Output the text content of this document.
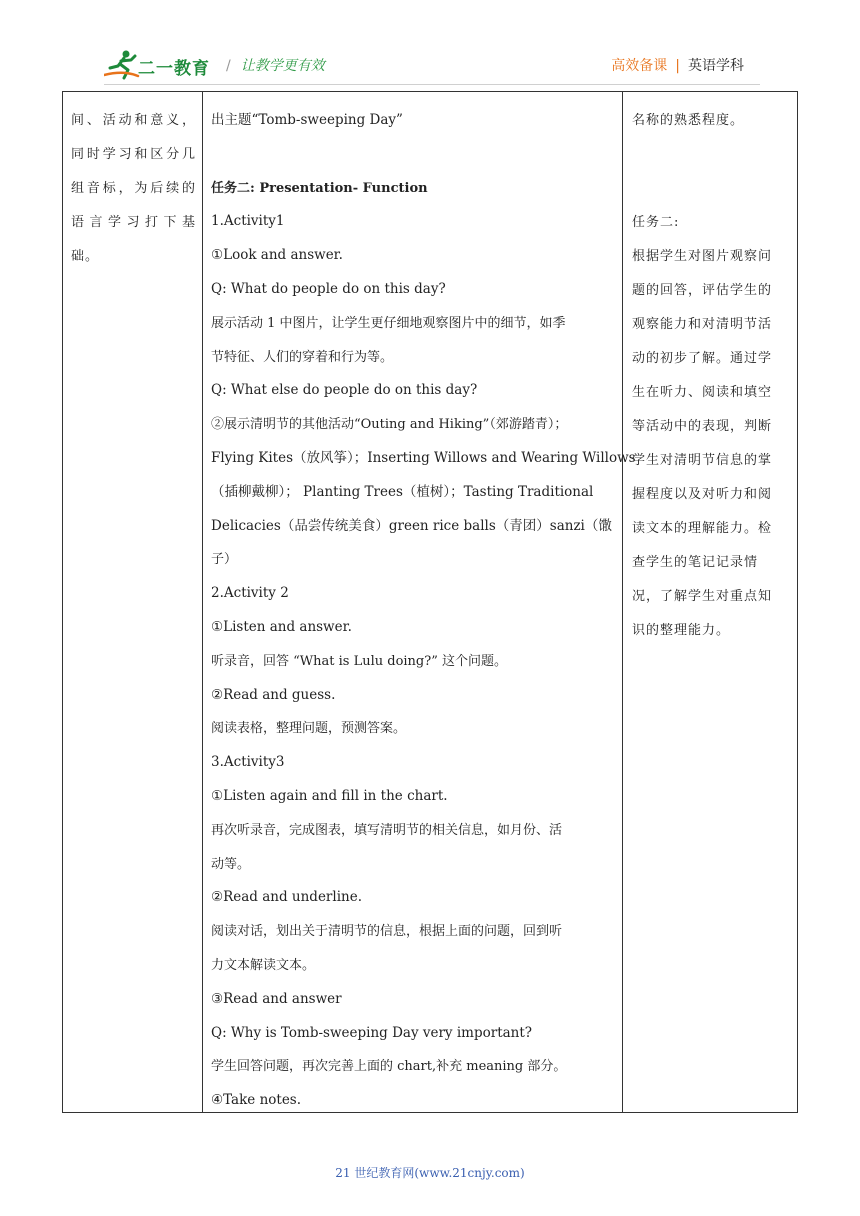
二一教育 / 让教学更有效	高效备课 | 英语学科

间、活动和意义，

同时学习和区分几

组音标，为后续的

语言学习打下基

础。

出主题“Tomb-sweeping Day”

任务二: Presentation- Function

1.Activity1

①Look and answer.

Q: What do people do on this day?

展示活动 1 中图片，让学生更仔细地观察图片中的细节，如季

节特征、人们的穿着和行为等。

Q: What else do people do on this day?

②展示清明节的其他活动“Outing and Hiking”（郊游踏青）；

Flying Kites（放风筝）；Inserting Willows and Wearing Willows

（插柳戴柳）； Planting Trees（植树）；Tasting Traditional

Delicacies（品尝传统美食）green rice balls（青团）sanzi（馓

子）

2.Activity 2

①Listen and answer.

听录音，回答 “What is Lulu doing?” 这个问题。

②Read and guess.

阅读表格，整理问题，预测答案。

3.Activity3

①Listen again and fill in the chart.

再次听录音，完成图表，填写清明节的相关信息，如月份、活

动等。

②Read and underline.

阅读对话，划出关于清明节的信息，根据上面的问题，回到听

力文本解读文本。

③Read and answer

Q: Why is Tomb-sweeping Day very important?

学生回答问题，再次完善上面的 chart,补充 meaning 部分。

④Take notes.

名称的熟悉程度。

任务二:

根据学生对图片观察问

题的回答，评估学生的

观察能力和对清明节活

动的初步了解。通过学

生在听力、阅读和填空

等活动中的表现，判断

学生对清明节信息的掌

握程度以及对听力和阅

读文本的理解能力。检

查学生的笔记记录情

况，了解学生对重点知

识的整理能力。

21 世纪教育网(www.21cnjy.com)
